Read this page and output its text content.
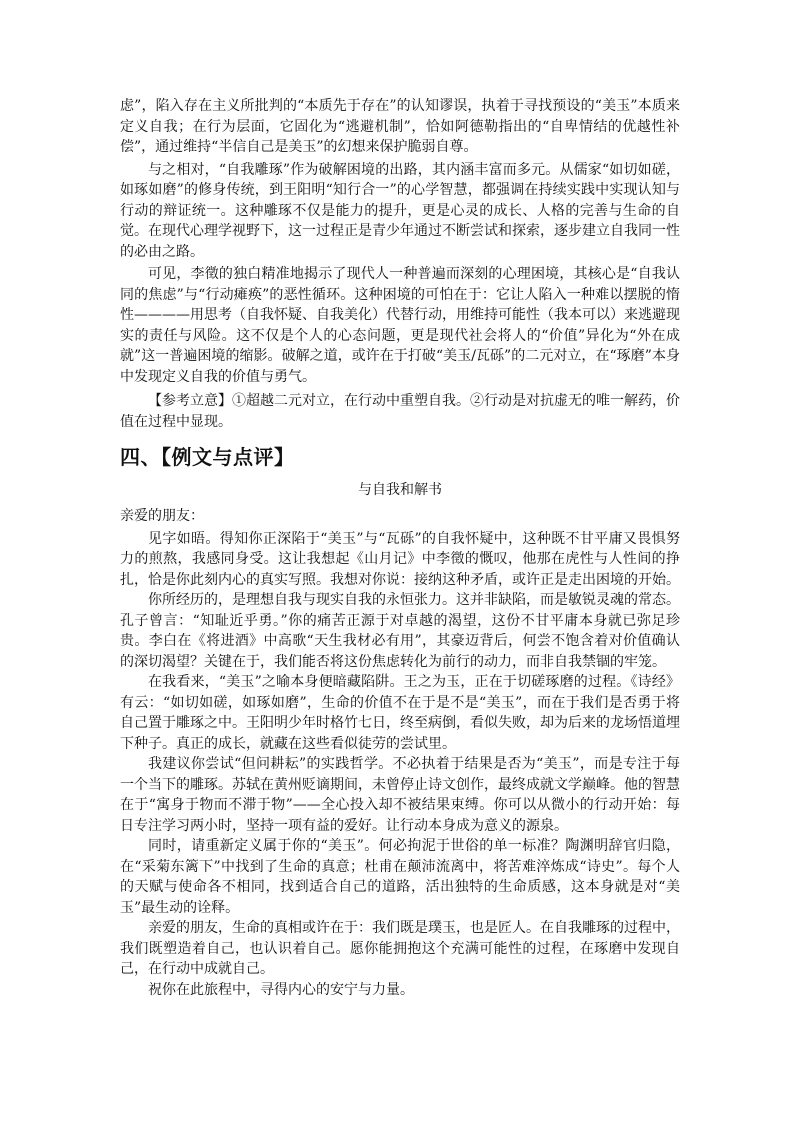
虑”，陷入存在主义所批判的“本质先于存在”的认知谬误，执着于寻找预设的“美玉”本质来定义自我；在行为层面，它固化为“逃避机制”，恰如阿德勒指出的“自卑情结的优越性补偿”，通过维持“半信自己是美玉”的幻想来保护脆弱自尊。

与之相对，“自我雕琢”作为破解困境的出路，其内涵丰富而多元。从儒家“如切如磋，如琢如磨”的修身传统，到王阳明“知行合一”的心学智慧，都强调在持续实践中实现认知与行动的辩证统一。这种雕琢不仅是能力的提升，更是心灵的成长、人格的完善与生命的自觉。在现代心理学视野下，这一过程正是青少年通过不断尝试和探索，逐步建立自我同一性的必由之路。

可见，李徵的独白精准地揭示了现代人一种普遍而深刻的心理困境，其核心是“自我认同的焦虑”与“行动瘫痪”的恶性循环。这种困境的可怕在于：它让人陷入一种难以摆脱的惰性————用思考（自我怀疑、自我美化）代替行动，用维持可能性（我本可以）来逃避现实的责任与风险。这不仅是个人的心态问题，更是现代社会将人的“价值”异化为“外在成就”这一普遍困境的缩影。破解之道，或许在于打破“美玉/瓦砾”的二元对立，在“琢磨”本身中发现定义自我的价值与勇气。

【参考立意】①超越二元对立，在行动中重塑自我。②行动是对抗虚无的唯一解药，价值在过程中显现。

四、【例文与点评】

与自我和解书

亲爱的朋友：

见字如晤。得知你正深陷于“美玉”与“瓦砾”的自我怀疑中，这种既不甘平庸又畏惧努力的煎熬，我感同身受。这让我想起《山月记》中李徵的慨叹，他那在虎性与人性间的挣扎，恰是你此刻内心的真实写照。我想对你说：接纳这种矛盾，或许正是走出困境的开始。

你所经历的，是理想自我与现实自我的永恒张力。这并非缺陷，而是敏锐灵魂的常态。孔子曾言：“知耻近乎勇。”你的痛苦正源于对卓越的渴望，这份不甘平庸本身就已弥足珍贵。李白在《将进酒》中高歌“天生我材必有用”，其豪迈背后，何尝不饱含着对价值确认的深切渴望？关键在于，我们能否将这份焦虑转化为前行的动力，而非自我禁锢的牢笼。

在我看来，“美玉”之喻本身便暗藏陷阱。王之为玉，正在于切磋琢磨的过程。《诗经》有云：“如切如磋，如琢如磨”，生命的价值不在于是不是“美玉”，而在于我们是否勇于将自己置于雕琢之中。王阳明少年时格竹七日，终至病倒，看似失败，却为后来的龙场悟道埋下种子。真正的成长，就藏在这些看似徒劳的尝试里。

我建议你尝试“但问耕耘”的实践哲学。不必执着于结果是否为“美玉”，而是专注于每一个当下的雕琢。苏轼在黄州贬谪期间，未曾停止诗文创作，最终成就文学巅峰。他的智慧在于“寓身于物而不滞于物”——全心投入却不被结果束缚。你可以从微小的行动开始：每日专注学习两小时，坚持一项有益的爱好。让行动本身成为意义的源泉。

同时，请重新定义属于你的“美玉”。何必拘泥于世俗的单一标准？陶渊明辞官归隐，在“采菊东篱下”中找到了生命的真意；杜甫在颠沛流离中，将苦难淬炼成“诗史”。每个人的天赋与使命各不相同，找到适合自己的道路，活出独特的生命质感，这本身就是对“美玉”最生动的诠释。

亲爱的朋友，生命的真相或许在于：我们既是璞玉，也是匠人。在自我雕琢的过程中，我们既塑造着自己，也认识着自己。愿你能拥抱这个充满可能性的过程，在琢磨中发现自己，在行动中成就自己。

祝你在此旅程中，寻得内心的安宁与力量。
